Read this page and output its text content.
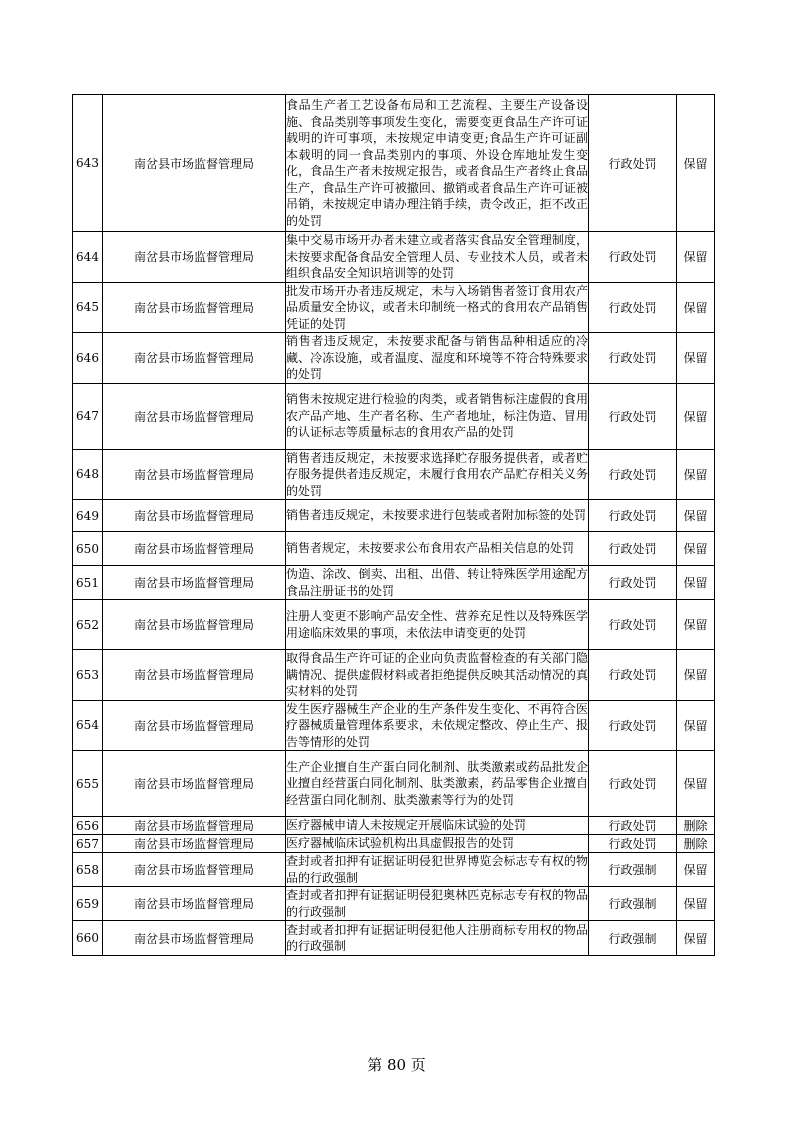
643	南岔县市场监督管理局	食品生产者工艺设备布局和工艺流程、主要生产设备设施、食品类别等事项发生变化，需要变更食品生产许可证载明的许可事项，未按规定申请变更;食品生产许可证副本载明的同一食品类别内的事项、外设仓库地址发生变化，食品生产者未按规定报告，或者食品生产者终止食品生产，食品生产许可被撤回、撤销或者食品生产许可证被吊销，未按规定申请办理注销手续，责令改正，拒不改正的处罚	行政处罚	保留
644	南岔县市场监督管理局	集中交易市场开办者未建立或者落实食品安全管理制度，未按要求配备食品安全管理人员、专业技术人员，或者未组织食品安全知识培训等的处罚	行政处罚	保留
645	南岔县市场监督管理局	批发市场开办者违反规定，未与入场销售者签订食用农产品质量安全协议，或者未印制统一格式的食用农产品销售凭证的处罚	行政处罚	保留
646	南岔县市场监督管理局	销售者违反规定，未按要求配备与销售品种相适应的冷藏、冷冻设施，或者温度、湿度和环境等不符合特殊要求的处罚	行政处罚	保留
647	南岔县市场监督管理局	销售未按规定进行检验的肉类，或者销售标注虚假的食用农产品产地、生产者名称、生产者地址，标注伪造、冒用的认证标志等质量标志的食用农产品的处罚	行政处罚	保留
648	南岔县市场监督管理局	销售者违反规定，未按要求选择贮存服务提供者，或者贮存服务提供者违反规定，未履行食用农产品贮存相关义务的处罚	行政处罚	保留
649	南岔县市场监督管理局	销售者违反规定，未按要求进行包装或者附加标签的处罚	行政处罚	保留
650	南岔县市场监督管理局	销售者规定，未按要求公布食用农产品相关信息的处罚	行政处罚	保留
651	南岔县市场监督管理局	伪造、涂改、倒卖、出租、出借、转让特殊医学用途配方食品注册证书的处罚	行政处罚	保留
652	南岔县市场监督管理局	注册人变更不影响产品安全性、营养充足性以及特殊医学用途临床效果的事项，未依法申请变更的处罚	行政处罚	保留
653	南岔县市场监督管理局	取得食品生产许可证的企业向负责监督检查的有关部门隐瞒情况、提供虚假材料或者拒绝提供反映其活动情况的真实材料的处罚	行政处罚	保留
654	南岔县市场监督管理局	发生医疗器械生产企业的生产条件发生变化、不再符合医疗器械质量管理体系要求，未依规定整改、停止生产、报告等情形的处罚	行政处罚	保留
655	南岔县市场监督管理局	生产企业擅自生产蛋白同化制剂、肽类激素或药品批发企业擅自经营蛋白同化制剂、肽类激素，药品零售企业擅自经营蛋白同化制剂、肽类激素等行为的处罚	行政处罚	保留
656	南岔县市场监督管理局	医疗器械申请人未按规定开展临床试验的处罚	行政处罚	删除
657	南岔县市场监督管理局	医疗器械临床试验机构出具虚假报告的处罚	行政处罚	删除
658	南岔县市场监督管理局	查封或者扣押有证据证明侵犯世界博览会标志专有权的物品的行政强制	行政强制	保留
659	南岔县市场监督管理局	查封或者扣押有证据证明侵犯奥林匹克标志专有权的物品的行政强制	行政强制	保留
660	南岔县市场监督管理局	查封或者扣押有证据证明侵犯他人注册商标专用权的物品的行政强制	行政强制	保留
第 80 页
